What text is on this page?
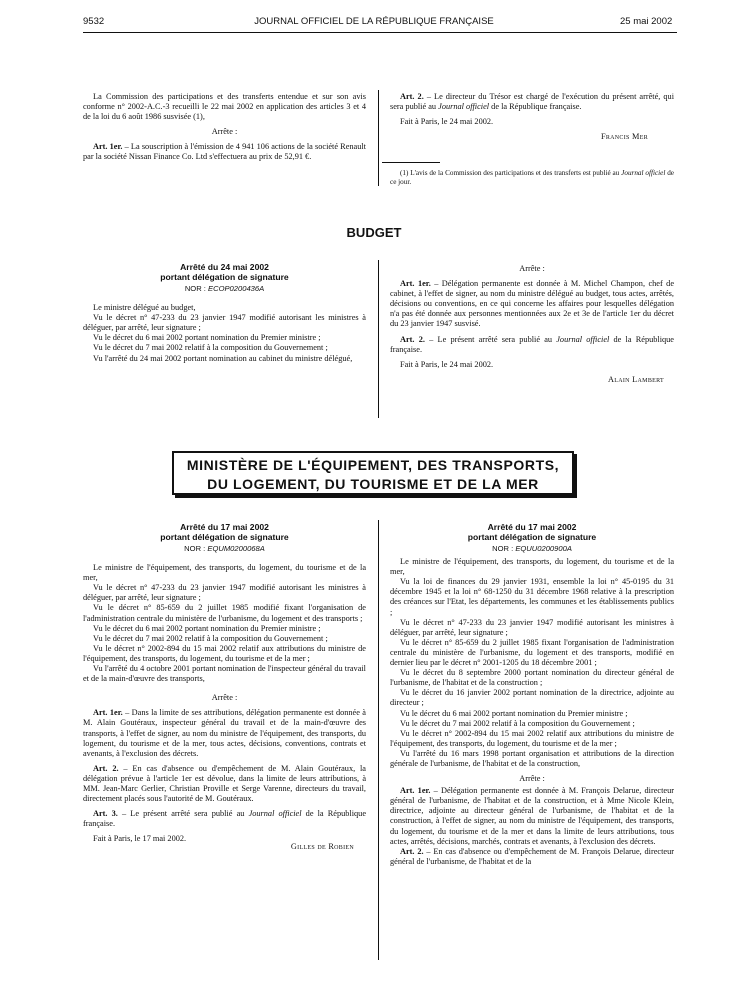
9532	JOURNAL OFFICIEL DE LA RÉPUBLIQUE FRANÇAISE	25 mai 2002

La Commission des participations et des transferts entendue et sur son avis conforme n° 2002-A.C.-3 recueilli le 22 mai 2002 en application des articles 3 et 4 de la loi du 6 août 1986 susvisée (1),

Arrête :

Art. 1er. – La souscription à l'émission de 4 941 106 actions de la société Renault par la société Nissan Finance Co. Ltd s'effectuera au prix de 52,91 €.

Art. 2. – Le directeur du Trésor est chargé de l'exécution du présent arrêté, qui sera publié au Journal officiel de la République française.

Fait à Paris, le 24 mai 2002.

Francis Mer

(1) L'avis de la Commission des participations et des transferts est publié au Journal officiel de ce jour.

BUDGET

Arrêté du 24 mai 2002

portant délégation de signature

NOR : ECOP0200436A

Le ministre délégué au budget,

Vu le décret n° 47-233 du 23 janvier 1947 modifié autorisant les ministres à déléguer, par arrêté, leur signature ;

Vu le décret du 6 mai 2002 portant nomination du Premier ministre ;

Vu le décret du 7 mai 2002 relatif à la composition du Gouvernement ;

Vu l'arrêté du 24 mai 2002 portant nomination au cabinet du ministre délégué,

Arrête :

Art. 1er. – Délégation permanente est donnée à M. Michel Champon, chef de cabinet, à l'effet de signer, au nom du ministre délégué au budget, tous actes, arrêtés, décisions ou conventions, en ce qui concerne les affaires pour lesquelles délégation n'a pas été donnée aux personnes mentionnées aux 2e et 3e de l'article 1er du décret du 23 janvier 1947 susvisé.

Art. 2. – Le présent arrêté sera publié au Journal officiel de la République française.

Fait à Paris, le 24 mai 2002.

Alain Lambert

MINISTÈRE DE L'ÉQUIPEMENT, DES TRANSPORTS,
DU LOGEMENT, DU TOURISME ET DE LA MER

Arrêté du 17 mai 2002

portant délégation de signature

NOR : EQUM0200068A

Le ministre de l'équipement, des transports, du logement, du tourisme et de la mer,

Vu le décret n° 47-233 du 23 janvier 1947 modifié autorisant les ministres à déléguer, par arrêté, leur signature ;

Vu le décret n° 85-659 du 2 juillet 1985 modifié fixant l'organisation de l'administration centrale du ministère de l'urbanisme, du logement et des transports ;

Vu le décret du 6 mai 2002 portant nomination du Premier ministre ;

Vu le décret du 7 mai 2002 relatif à la composition du Gouvernement ;

Vu le décret n° 2002-894 du 15 mai 2002 relatif aux attributions du ministre de l'équipement, des transports, du logement, du tourisme et de la mer ;

Vu l'arrêté du 4 octobre 2001 portant nomination de l'inspecteur général du travail et de la main-d'œuvre des transports,

Arrête :

Art. 1er. – Dans la limite de ses attributions, délégation permanente est donnée à M. Alain Goutéraux, inspecteur général du travail et de la main-d'œuvre des transports, à l'effet de signer, au nom du ministre de l'équipement, des transports, du logement, du tourisme et de la mer, tous actes, décisions, conventions, contrats et avenants, à l'exclusion des décrets.

Art. 2. – En cas d'absence ou d'empêchement de M. Alain Goutéraux, la délégation prévue à l'article 1er est dévolue, dans la limite de leurs attributions, à MM. Jean-Marc Gerlier, Christian Proville et Serge Varenne, directeurs du travail, directement placés sous l'autorité de M. Goutéraux.

Art. 3. – Le présent arrêté sera publié au Journal officiel de la République française.

Fait à Paris, le 17 mai 2002.

Gilles de Robien

Arrêté du 17 mai 2002

portant délégation de signature

NOR : EQUU0200900A

Le ministre de l'équipement, des transports, du logement, du tourisme et de la mer,

Vu la loi de finances du 29 janvier 1931, ensemble la loi n° 45-0195 du 31 décembre 1945 et la loi n° 68-1250 du 31 décembre 1968 relative à la prescription des créances sur l'Etat, les départements, les communes et les établissements publics ;

Vu le décret n° 47-233 du 23 janvier 1947 modifié autorisant les ministres à déléguer, par arrêté, leur signature ;

Vu le décret n° 85-659 du 2 juillet 1985 fixant l'organisation de l'administration centrale du ministère de l'urbanisme, du logement et des transports, modifié en dernier lieu par le décret n° 2001-1205 du 18 décembre 2001 ;

Vu le décret du 8 septembre 2000 portant nomination du directeur général de l'urbanisme, de l'habitat et de la construction ;

Vu le décret du 16 janvier 2002 portant nomination de la directrice, adjointe au directeur ;

Vu le décret du 6 mai 2002 portant nomination du Premier ministre ;

Vu le décret du 7 mai 2002 relatif à la composition du Gouvernement ;

Vu le décret n° 2002-894 du 15 mai 2002 relatif aux attributions du ministre de l'équipement, des transports, du logement, du tourisme et de la mer ;

Vu l'arrêté du 16 mars 1998 portant organisation et attributions de la direction générale de l'urbanisme, de l'habitat et de la construction,

Arrête :

Art. 1er. – Délégation permanente est donnée à M. François Delarue, directeur général de l'urbanisme, de l'habitat et de la construction, et à Mme Nicole Klein, directrice, adjointe au directeur général de l'urbanisme, de l'habitat et de la construction, à l'effet de signer, au nom du ministre de l'équipement, des transports, du logement, du tourisme et de la mer et dans la limite de leurs attributions, tous actes, arrêtés, décisions, marchés, contrats et avenants, à l'exclusion des décrets.

Art. 2. – En cas d'absence ou d'empêchement de M. François Delarue, directeur général de l'urbanisme, de l'habitat et de la
